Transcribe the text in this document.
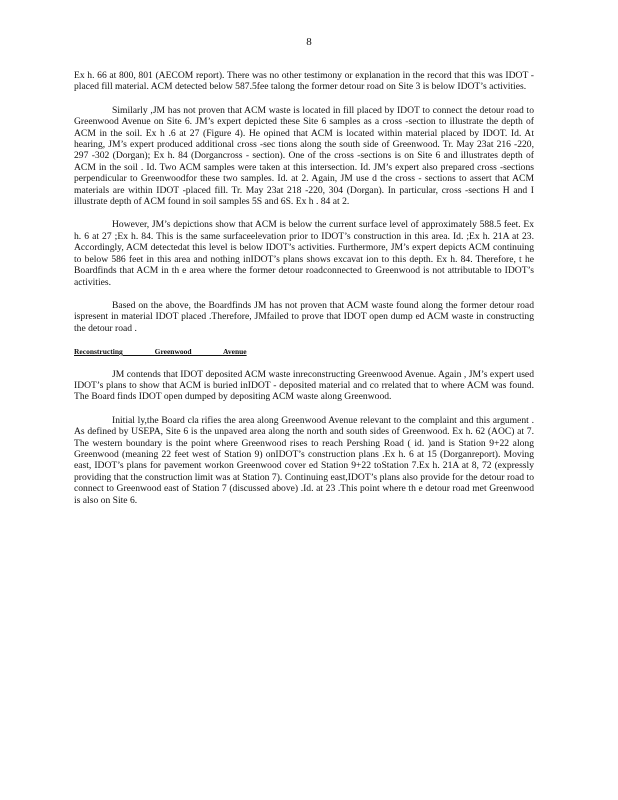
8

Ex h. 66 at 800, 801 (AECOM report). There was no other testimony or explanation in the record that this was IDOT -placed fill material. ACM detected below 587.5fee talong the former detour road on Site 3 is below IDOT’s activities.

Similarly ,JM has not proven that ACM waste is located in fill placed by IDOT to connect the detour road to Greenwood Avenue on Site 6. JM’s expert depicted these Site 6 samples as a cross -section to illustrate the depth of ACM in the soil. Ex h .6 at 27 (Figure 4). He opined that ACM is located within material placed by IDOT. Id. At hearing, JM’s expert produced additional cross -sec tions along the south side of Greenwood. Tr. May 23at 216 -220, 297 -302 (Dorgan); Ex h. 84 (Dorgancross - section). One of the cross -sections is on Site 6 and illustrates depth of ACM in the soil . Id. Two ACM samples were taken at this intersection. Id. JM’s expert also prepared cross -sections perpendicular to Greenwoodfor these two samples. Id. at 2. Again, JM use d the cross - sections to assert that ACM materials are within IDOT -placed fill. Tr. May 23at 218 -220, 304 (Dorgan). In particular, cross -sections H and I illustrate depth of ACM found in soil samples 5S and 6S. Ex h . 84 at 2.

However, JM’s depictions show that ACM is below the current surface level of approximately 588.5 feet. Ex h. 6 at 27 ;Ex h. 84. This is the same surfaceelevation prior to IDOT’s construction in this area. Id. ;Ex h. 21A at 23. Accordingly, ACM detectedat this level is below IDOT’s activities. Furthermore, JM’s expert depicts ACM continuing to below 586 feet in this area and nothing inIDOT’s plans shows excavat ion to this depth. Ex h. 84. Therefore, t he Boardfinds that ACM in th e area where the former detour roadconnected to Greenwood is not attributable to IDOT’s activities.

Based on the above, the Boardfinds JM has not proven that ACM waste found along the former detour road ispresent in material IDOT placed .Therefore, JMfailed to prove that IDOT open dump ed ACM waste in constructing the detour road .

Reconstructing Greenwood Avenue

JM contends that IDOT deposited ACM waste inreconstructing Greenwood Avenue. Again , JM’s expert used IDOT’s plans to show that ACM is buried inIDOT - deposited material and co rrelated that to where ACM was found. The Board finds IDOT open dumped by depositing ACM waste along Greenwood.

Initial ly,the Board cla rifies the area along Greenwood Avenue relevant to the complaint and this argument . As defined by USEPA, Site 6 is the unpaved area along the north and south sides of Greenwood. Ex h. 62 (AOC) at 7. The western boundary is the point where Greenwood rises to reach Pershing Road ( id. )and is Station 9+22 along Greenwood (meaning 22 feet west of Station 9) onIDOT’s construction plans .Ex h. 6 at 15 (Dorganreport). Moving east, IDOT’s plans for pavement workon Greenwood cover ed Station 9+22 toStation 7.Ex h. 21A at 8, 72 (expressly providing that the construction limit was at Station 7). Continuing east,IDOT’s plans also provide for the detour road to connect to Greenwood east of Station 7 (discussed above) .Id. at 23 .This point where th e detour road met Greenwood is also on Site 6.
